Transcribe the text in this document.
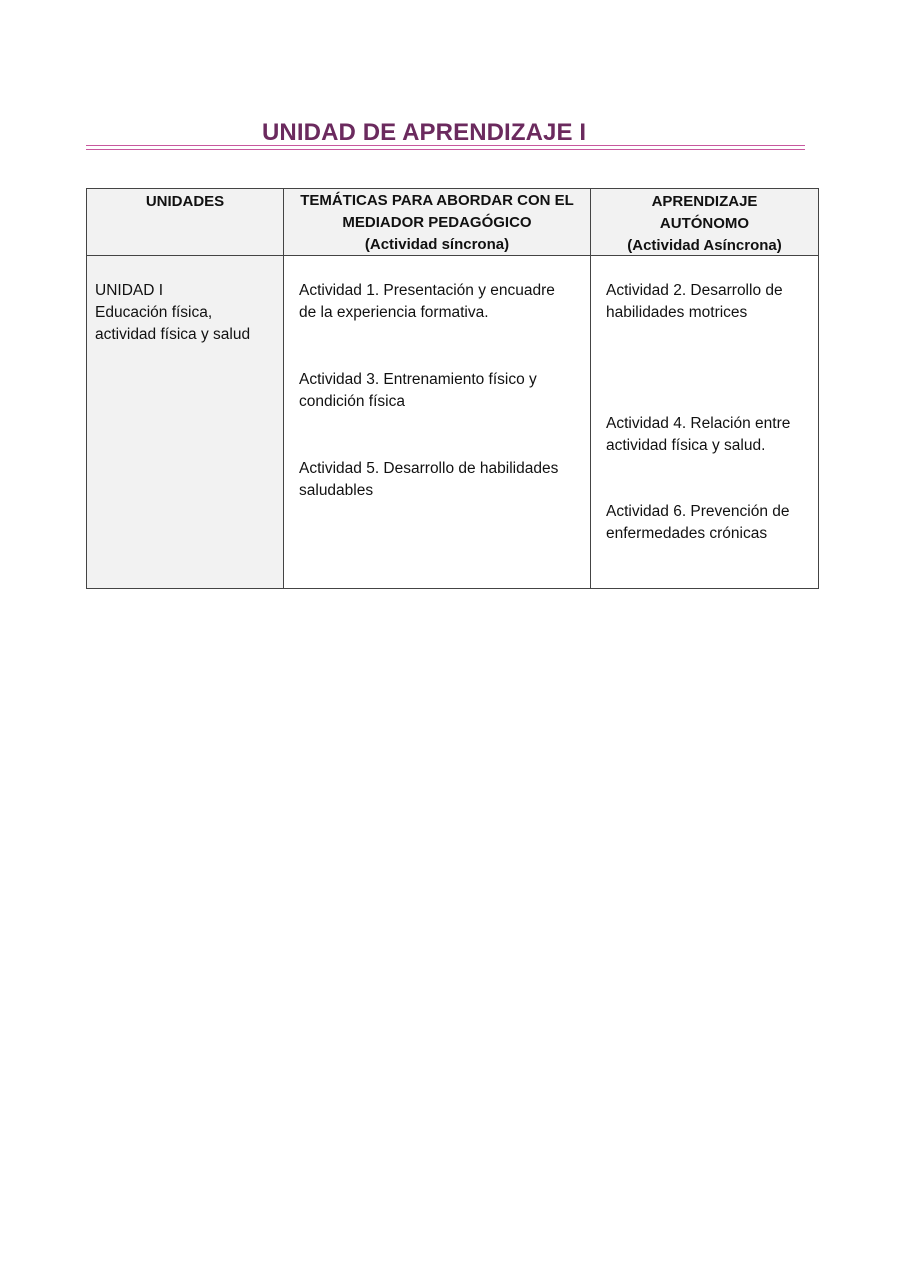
UNIDAD DE APRENDIZAJE I
UNIDADES	TEMÁTICAS PARA ABORDAR CON EL
MEDIADOR PEDAGÓGICO
(Actividad síncrona)
APRENDIZAJE
AUTÓNOMO
(Actividad Asíncrona)
UNIDAD I
Educación física,
actividad física y salud
Actividad 1. Presentación y encuadre
de la experiencia formativa.
Actividad 3. Entrenamiento físico y
condición física
Actividad 5. Desarrollo de habilidades
saludables
Actividad 2. Desarrollo de
habilidades motrices
Actividad 4. Relación entre
actividad física y salud.
Actividad 6. Prevención de
enfermedades crónicas
